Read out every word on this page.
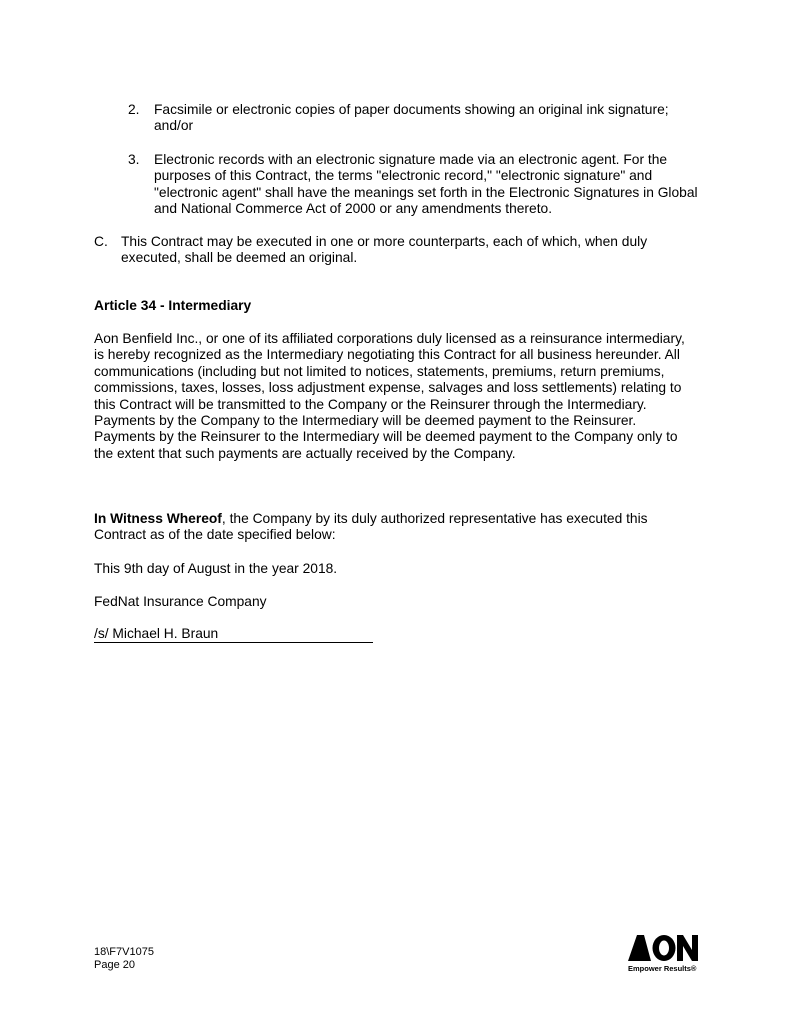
2. Facsimile or electronic copies of paper documents showing an original ink signature; and/or
3. Electronic records with an electronic signature made via an electronic agent. For the purposes of this Contract, the terms "electronic record," "electronic signature" and "electronic agent" shall have the meanings set forth in the Electronic Signatures in Global and National Commerce Act of 2000 or any amendments thereto.
C. This Contract may be executed in one or more counterparts, each of which, when duly executed, shall be deemed an original.
Article 34 - Intermediary
Aon Benfield Inc., or one of its affiliated corporations duly licensed as a reinsurance intermediary, is hereby recognized as the Intermediary negotiating this Contract for all business hereunder. All communications (including but not limited to notices, statements, premiums, return premiums, commissions, taxes, losses, loss adjustment expense, salvages and loss settlements) relating to this Contract will be transmitted to the Company or the Reinsurer through the Intermediary. Payments by the Company to the Intermediary will be deemed payment to the Reinsurer. Payments by the Reinsurer to the Intermediary will be deemed payment to the Company only to the extent that such payments are actually received by the Company.
In Witness Whereof, the Company by its duly authorized representative has executed this Contract as of the date specified below:
This 9th day of August in the year 2018.
FedNat Insurance Company
/s/ Michael H. Braun
18\F7V1075
Page 20	Empower Results®
